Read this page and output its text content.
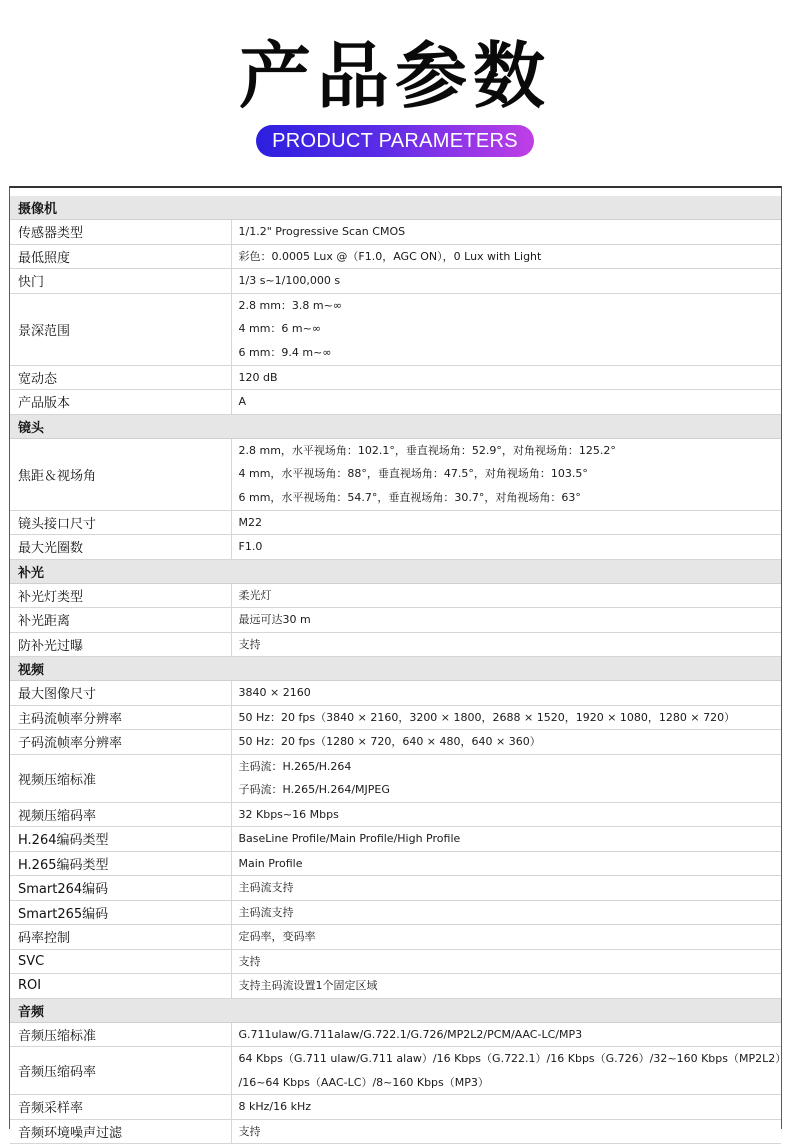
产品参数
PRODUCT PARAMETERS
摄像机	
传感器类型	1/1.2" Progressive Scan CMOS

最低照度	彩色：0.0005 Lux @（F1.0，AGC ON），0 Lux with Light

快门	1/3 s~1/100,000 s

景深范围	2.8 mm：3.8 m~∞
4 mm：6 m~∞
6 mm：9.4 m~∞

宽动态	120 dB

产品版本	A

镜头	
焦距＆视场角	2.8 mm，水平视场角：102.1°，垂直视场角：52.9°，对角视场角：125.2°
4 mm，水平视场角：88°，垂直视场角：47.5°，对角视场角：103.5°
6 mm，水平视场角：54.7°，垂直视场角：30.7°，对角视场角：63°

镜头接口尺寸	M22

最大光圈数	F1.0

补光	
补光灯类型	柔光灯

补光距离	最远可达30 m

防补光过曝	支持

视频	
最大图像尺寸	3840 × 2160

主码流帧率分辨率	50 Hz：20 fps（3840 × 2160，3200 × 1800，2688 × 1520，1920 × 1080，1280 × 720）

子码流帧率分辨率	50 Hz：20 fps（1280 × 720，640 × 480，640 × 360）

视频压缩标准	主码流：H.265/H.264
子码流：H.265/H.264/MJPEG

视频压缩码率	32 Kbps~16 Mbps

H.264编码类型	BaseLine Profile/Main Profile/High Profile

H.265编码类型	Main Profile

Smart264编码	主码流支持

Smart265编码	主码流支持

码率控制	定码率，变码率

SVC	支持

ROI	支持主码流设置1个固定区域

音频	
音频压缩标准	G.711ulaw/G.711alaw/G.722.1/G.726/MP2L2/PCM/AAC-LC/MP3

音频压缩码率	64 Kbps（G.711 ulaw/G.711 alaw）/16 Kbps（G.722.1）/16 Kbps（G.726）/32~160 Kbps（MP2L2）
/16~64 Kbps（AAC-LC）/8~160 Kbps（MP3）

音频采样率	8 kHz/16 kHz

音频环境噪声过滤	支持
